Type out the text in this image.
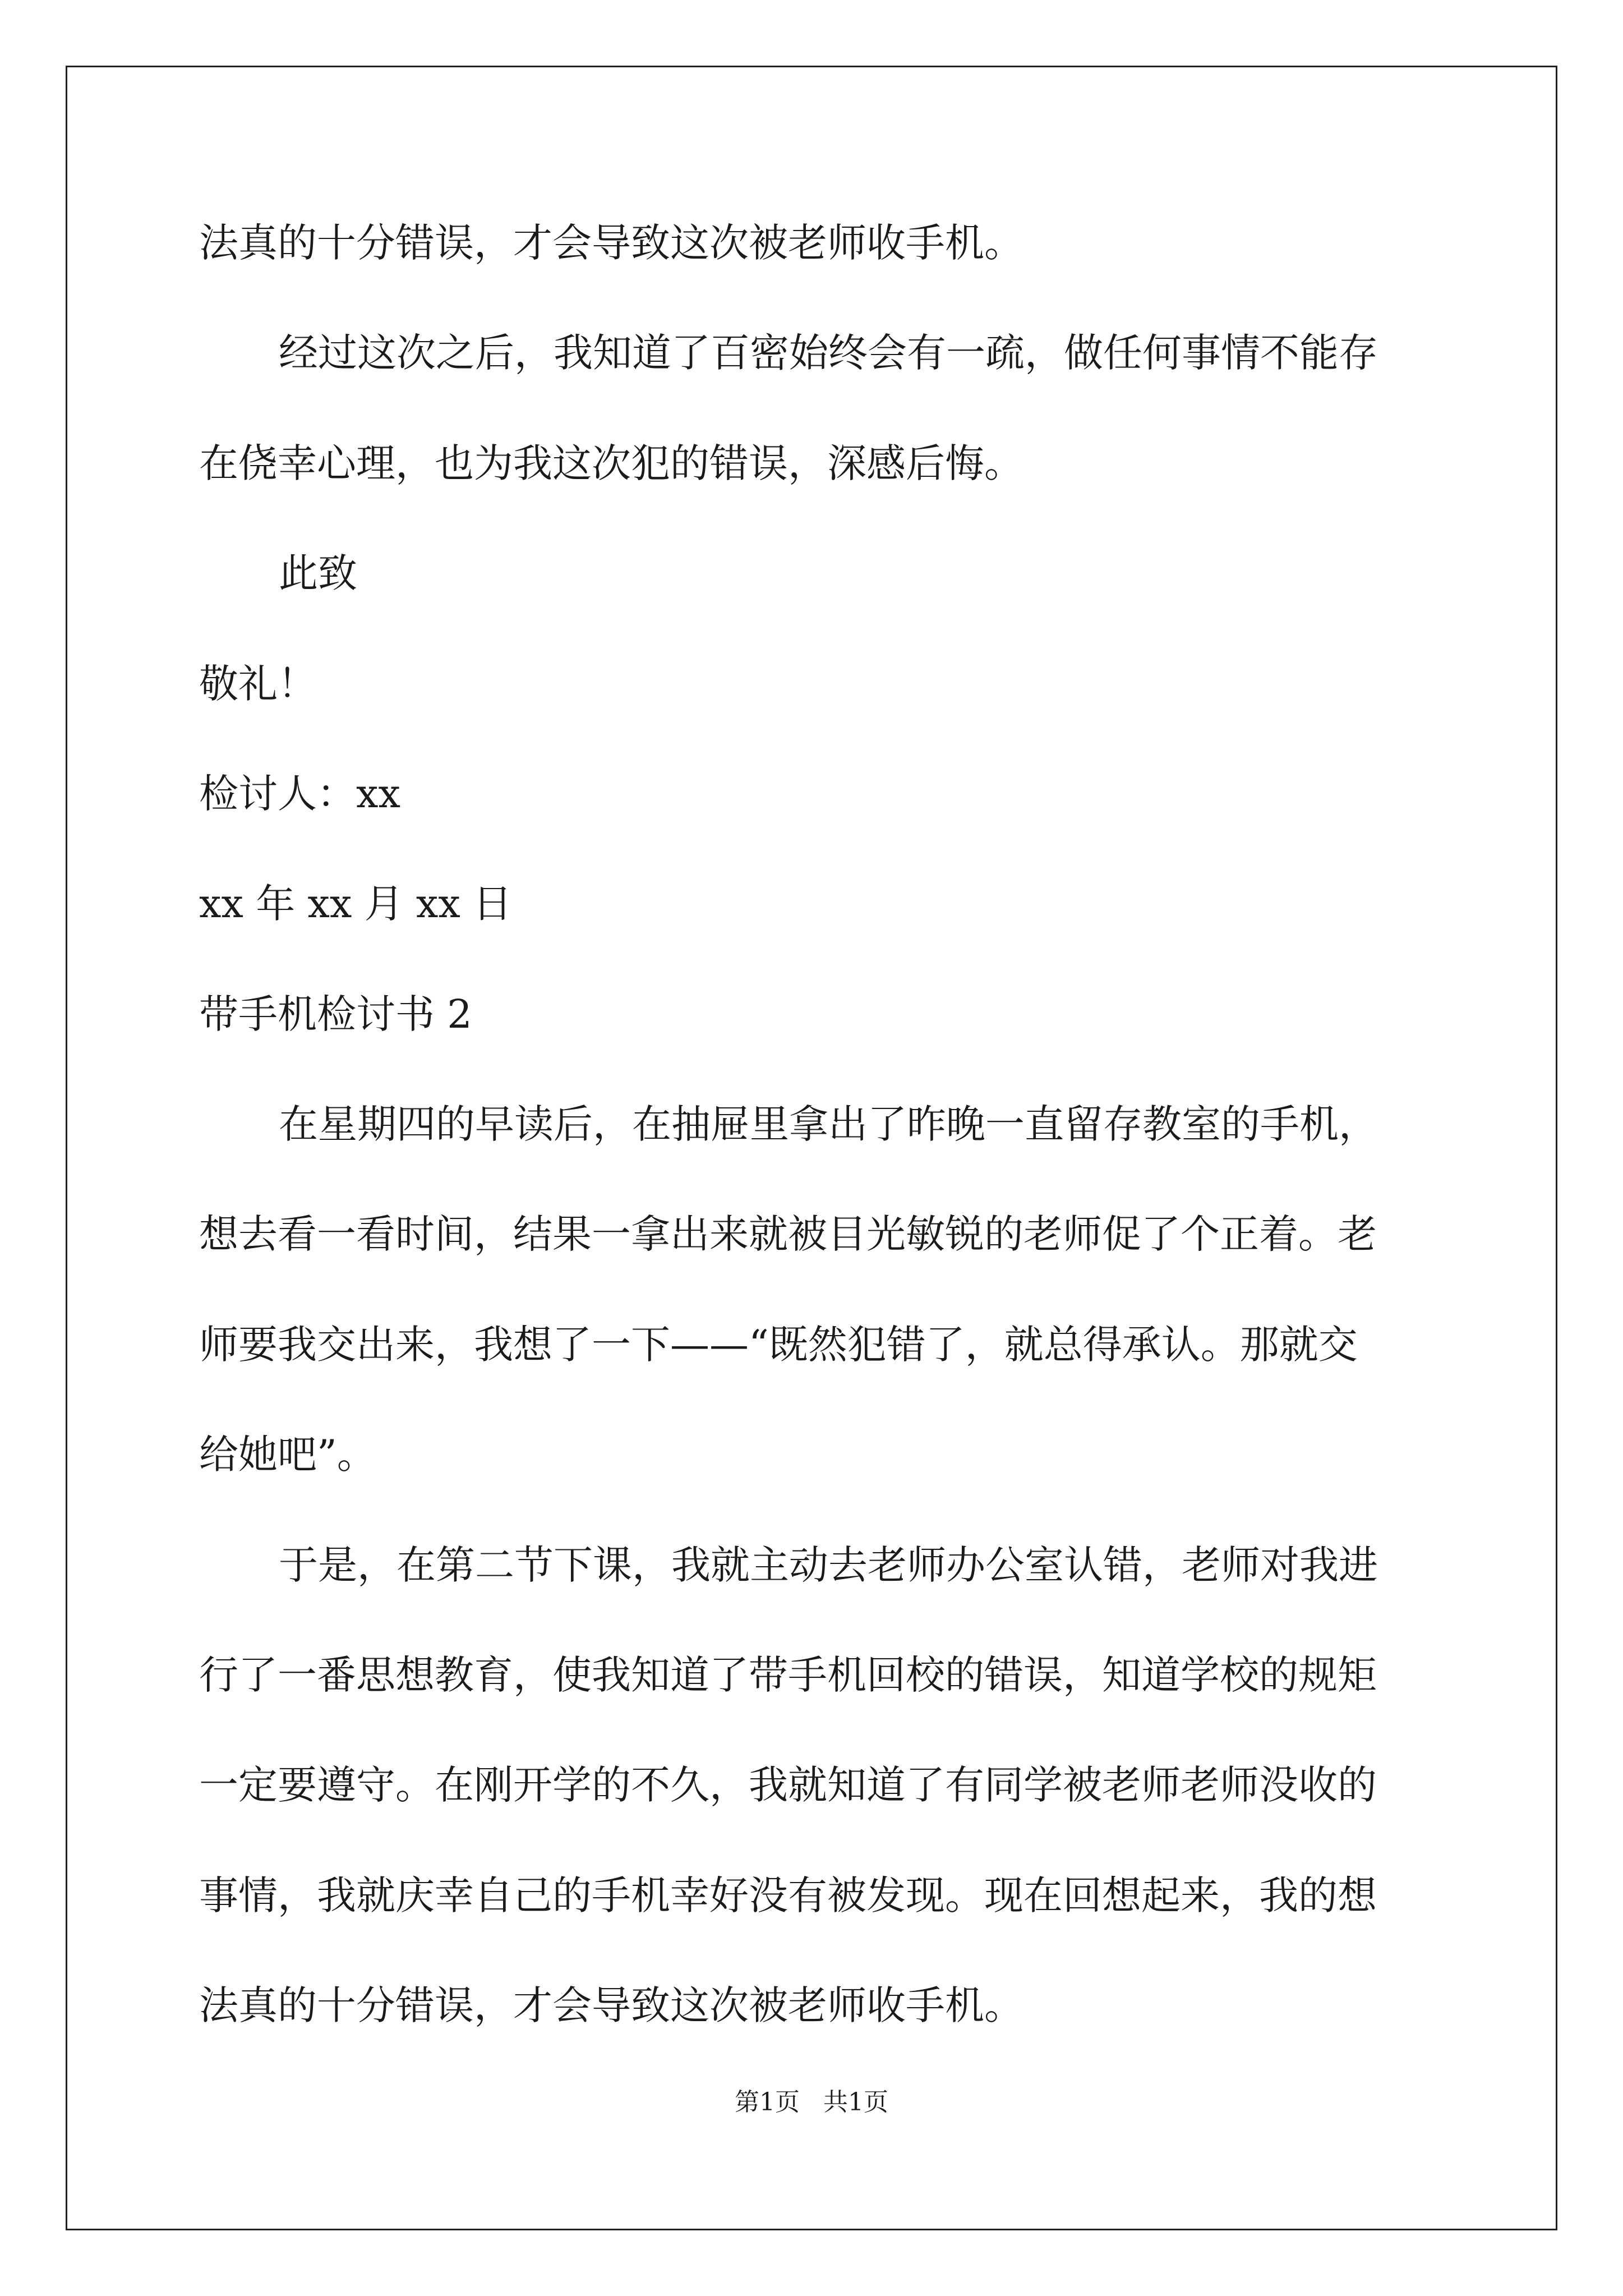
法真的十分错误，才会导致这次被老师收手机。
经过这次之后，我知道了百密始终会有一疏，做任何事情不能存
在侥幸心理，也为我这次犯的错误，深感后悔。
此致
敬礼！
检讨人：xx
xx 年 xx 月 xx 日
带手机检讨书 2
在星期四的早读后，在抽屉里拿出了昨晚一直留存教室的手机，
想去看一看时间，结果一拿出来就被目光敏锐的老师促了个正着。老
师要我交出来，我想了一下——“既然犯错了，就总得承认。那就交
给她吧”。
于是，在第二节下课，我就主动去老师办公室认错，老师对我进
行了一番思想教育，使我知道了带手机回校的错误，知道学校的规矩
一定要遵守。在刚开学的不久，我就知道了有同学被老师老师没收的
事情，我就庆幸自己的手机幸好没有被发现。现在回想起来，我的想
法真的十分错误，才会导致这次被老师收手机。
第1页   共1页
